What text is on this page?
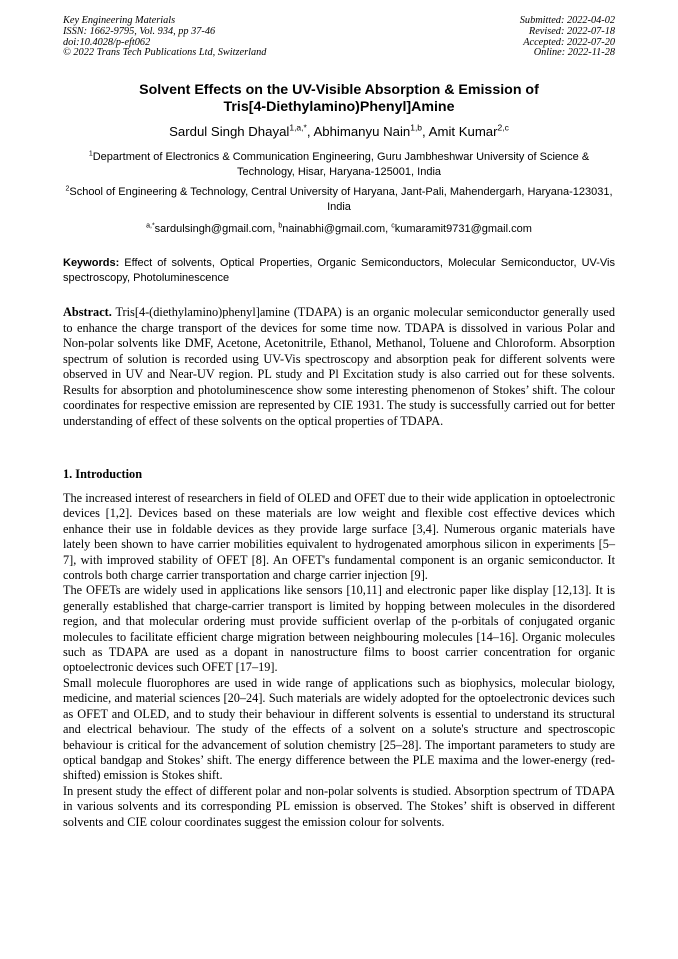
Key Engineering Materials
ISSN: 1662-9795, Vol. 934, pp 37-46
doi:10.4028/p-eft062
© 2022 Trans Tech Publications Ltd, Switzerland
Submitted: 2022-04-02
Revised: 2022-07-18
Accepted: 2022-07-20
Online: 2022-11-28
Solvent Effects on the UV-Visible Absorption & Emission of
Tris[4-Diethylamino)Phenyl]Amine
Sardul Singh Dhayal$^{1,a,*}$, Abhimanyu Nain$^{1,b}$, Amit Kumar$^{2,c}$
$^1$Department of Electronics & Communication Engineering, Guru Jambheshwar University of Science & Technology, Hisar, Haryana-125001, India
$^2$School of Engineering & Technology, Central University of Haryana, Jant-Pali, Mahendergarh, Haryana-123031, India
$^{a,*}$sardulsingh@gmail.com, $^b$nainabhi@gmail.com, $^c$kumaramit9731@gmail.com
Keywords: Effect of solvents, Optical Properties, Organic Semiconductors, Molecular Semiconductor, UV-Vis spectroscopy, Photoluminescence
Abstract. Tris[4-(diethylamino)phenyl]amine (TDAPA) is an organic molecular semiconductor generally used to enhance the charge transport of the devices for some time now. TDAPA is dissolved in various Polar and Non-polar solvents like DMF, Acetone, Acetonitrile, Ethanol, Methanol, Toluene and Chloroform. Absorption spectrum of solution is recorded using UV-Vis spectroscopy and absorption peak for different solvents were observed in UV and Near-UV region. PL study and Pl Excitation study is also carried out for these solvents. Results for absorption and photoluminescence show some interesting phenomenon of Stokes’ shift. The colour coordinates for respective emission are represented by CIE 1931. The study is successfully carried out for better understanding of effect of these solvents on the optical properties of TDAPA.
1. Introduction

The increased interest of researchers in field of OLED and OFET due to their wide application in optoelectronic devices [1,2]. Devices based on these materials are low weight and flexible cost effective devices which enhance their use in foldable devices as they provide large surface [3,4]. Numerous organic materials have lately been shown to have carrier mobilities equivalent to hydrogenated amorphous silicon in experiments [5–7], with improved stability of OFET [8]. An OFET's fundamental component is an organic semiconductor. It controls both charge carrier transportation and charge carrier injection [9].

The OFETs are widely used in applications like sensors [10,11] and electronic paper like display [12,13]. It is generally established that charge-carrier transport is limited by hopping between molecules in the disordered region, and that molecular ordering must provide sufficient overlap of the p-orbitals of conjugated organic molecules to facilitate efficient charge migration between neighbouring molecules [14–16]. Organic molecules such as TDAPA are used as a dopant in nanostructure films to boost carrier concentration for organic optoelectronic devices such OFET [17–19].

Small molecule fluorophores are used in wide range of applications such as biophysics, molecular biology, medicine, and material sciences [20–24]. Such materials are widely adopted for the optoelectronic devices such as OFET and OLED, and to study their behaviour in different solvents is essential to understand its structural and electrical behaviour. The study of the effects of a solvent on a solute's structure and spectroscopic behaviour is critical for the advancement of solution chemistry [25–28]. The important parameters to study are optical bandgap and Stokes’ shift. The energy difference between the PLE maxima and the lower-energy (red-shifted) emission is Stokes shift.

In present study the effect of different polar and non-polar solvents is studied. Absorption spectrum of TDAPA in various solvents and its corresponding PL emission is observed. The Stokes’ shift is observed in different solvents and CIE colour coordinates suggest the emission colour for solvents.
